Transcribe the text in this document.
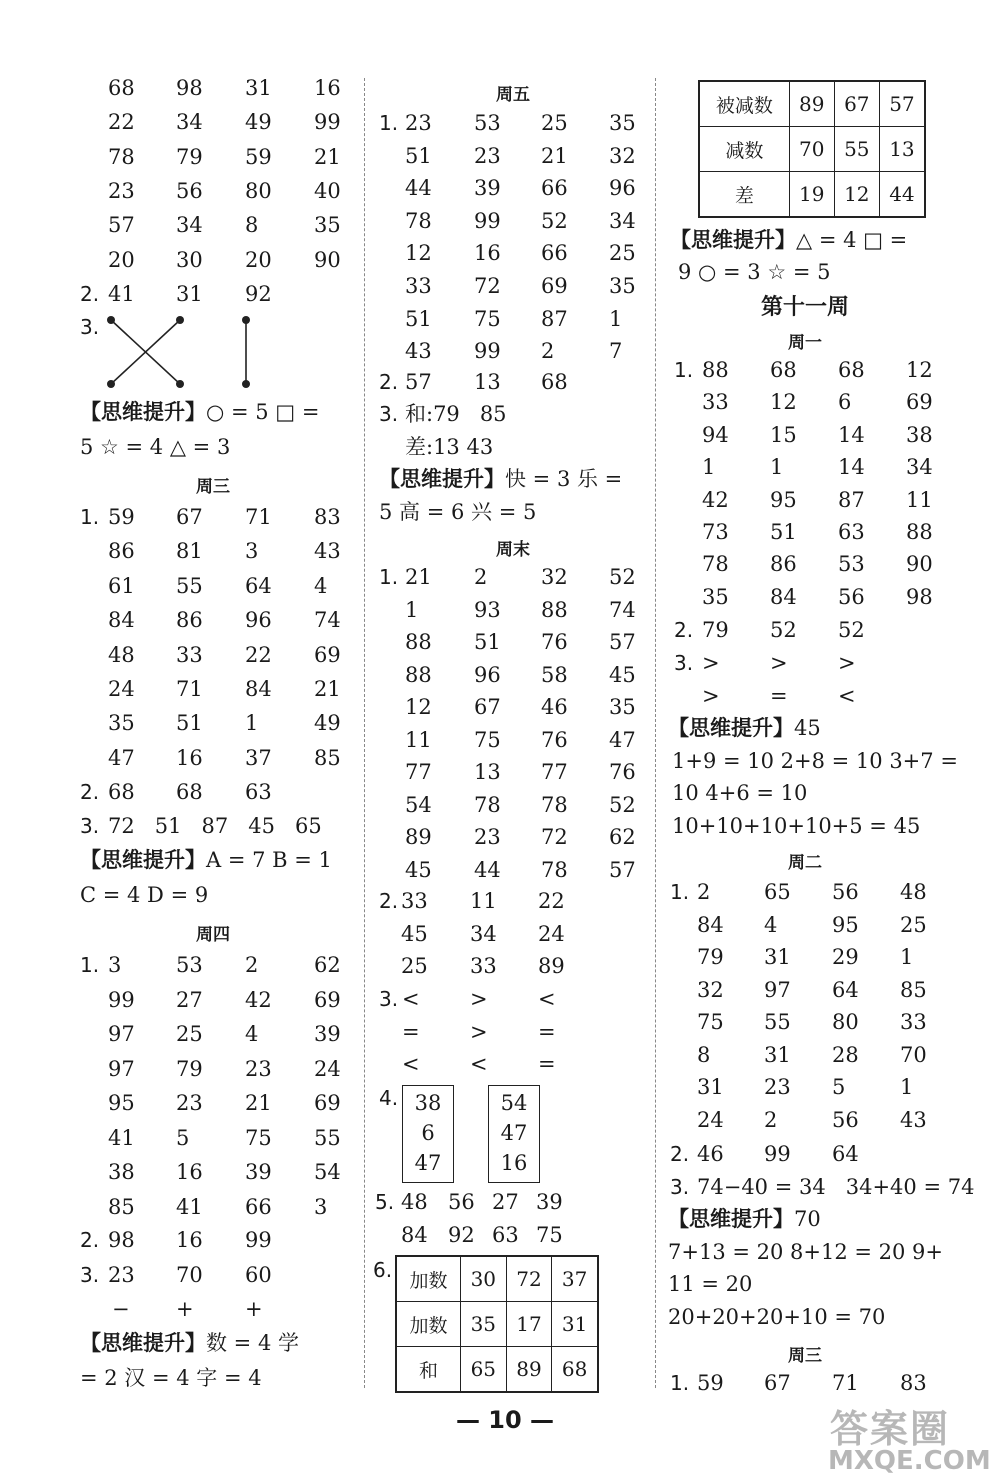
68 98 31 16
22 34 49 99
78 79 59 21
23 56 80 40
57 34 8	35
20 30 20 90
2. 41 31 92
3.
【思维提升】○ = 5 □ =
5 ☆ = 4 △ = 3
周三
1. 59 67 71 83
86 81 3	43
61 55 64 4
84 86 96 74
48 33 22 69
24 71 84 21
35 51 1	49
47 16 37 85
2. 68 68 63
3. 72   51   87   45   65
【思维提升】A = 7 B = 1
C = 4 D = 9
周四
1. 3	53 2	62
99 27 42 69
97 25 4	39
97 79 23 24
95 23 21 69
41 5	75 55
38 16 39 54
85 41 66 3
2. 98 16 99
3. 23 70 60
− + +
【思维提升】数 = 4 学
= 2 汉 = 4 字 = 4
周五
1. 23 53 25 35
51 23 21 32
44 39 66 96
78 99 52 34
12 16 66 25
33 72 69 35
51 75 87 1
43 99 2	7
2. 57 13 68
3. 和:79   85
差:13 43
【思维提升】快 = 3 乐 =
5 高 = 6 兴 = 5
周末
1. 21 2	32 52
1	93 88 74
88 51 76 57
88 96 58 45
12 67 46 35
11 75 76 47
77 13 77 76
54 78 78 52
89 23 72 62
45 44 78 57
2. 33 11 22
45 34 24
25 33 89
3. < > <
= > =
< < =
4. 38
6
47
54
47
16
5. 48 56 27 39
84 92 63 75
6. 加数	30	72	37
加数	35	17	31
和	65	89	68
被减数	89	67	57
减数	70	55	13
差	19	12	44
【思维提升】△ = 4 □ =
9 ○ = 3 ☆ = 5
第十一周
周一
1. 88 68 68 12
33 12 6	69
94 15 14 38
1	1	14 34
42 95 87 11
73 51 63 88
78 86 53 90
35 84 56 98
2. 79 52 52
3. > > >
> = <
【思维提升】45
1+9 = 10 2+8 = 10 3+7 =
10 4+6 = 10
10+10+10+10+5 = 45
周二
1. 2	65 56 48
84 4	95 25
79 31 29 1
32 97 64 85
75 55 80 33
8	31 28 70
31 23 5	1
24 2	56 43
2. 46 99 64
3. 74−40 = 34   34+40 = 74
【思维提升】70
7+13 = 20 8+12 = 20 9+
11 = 20
20+20+20+10 = 70
周三
1. 59 67 71 83
— 10 —	答案圈
MXQE.COM
